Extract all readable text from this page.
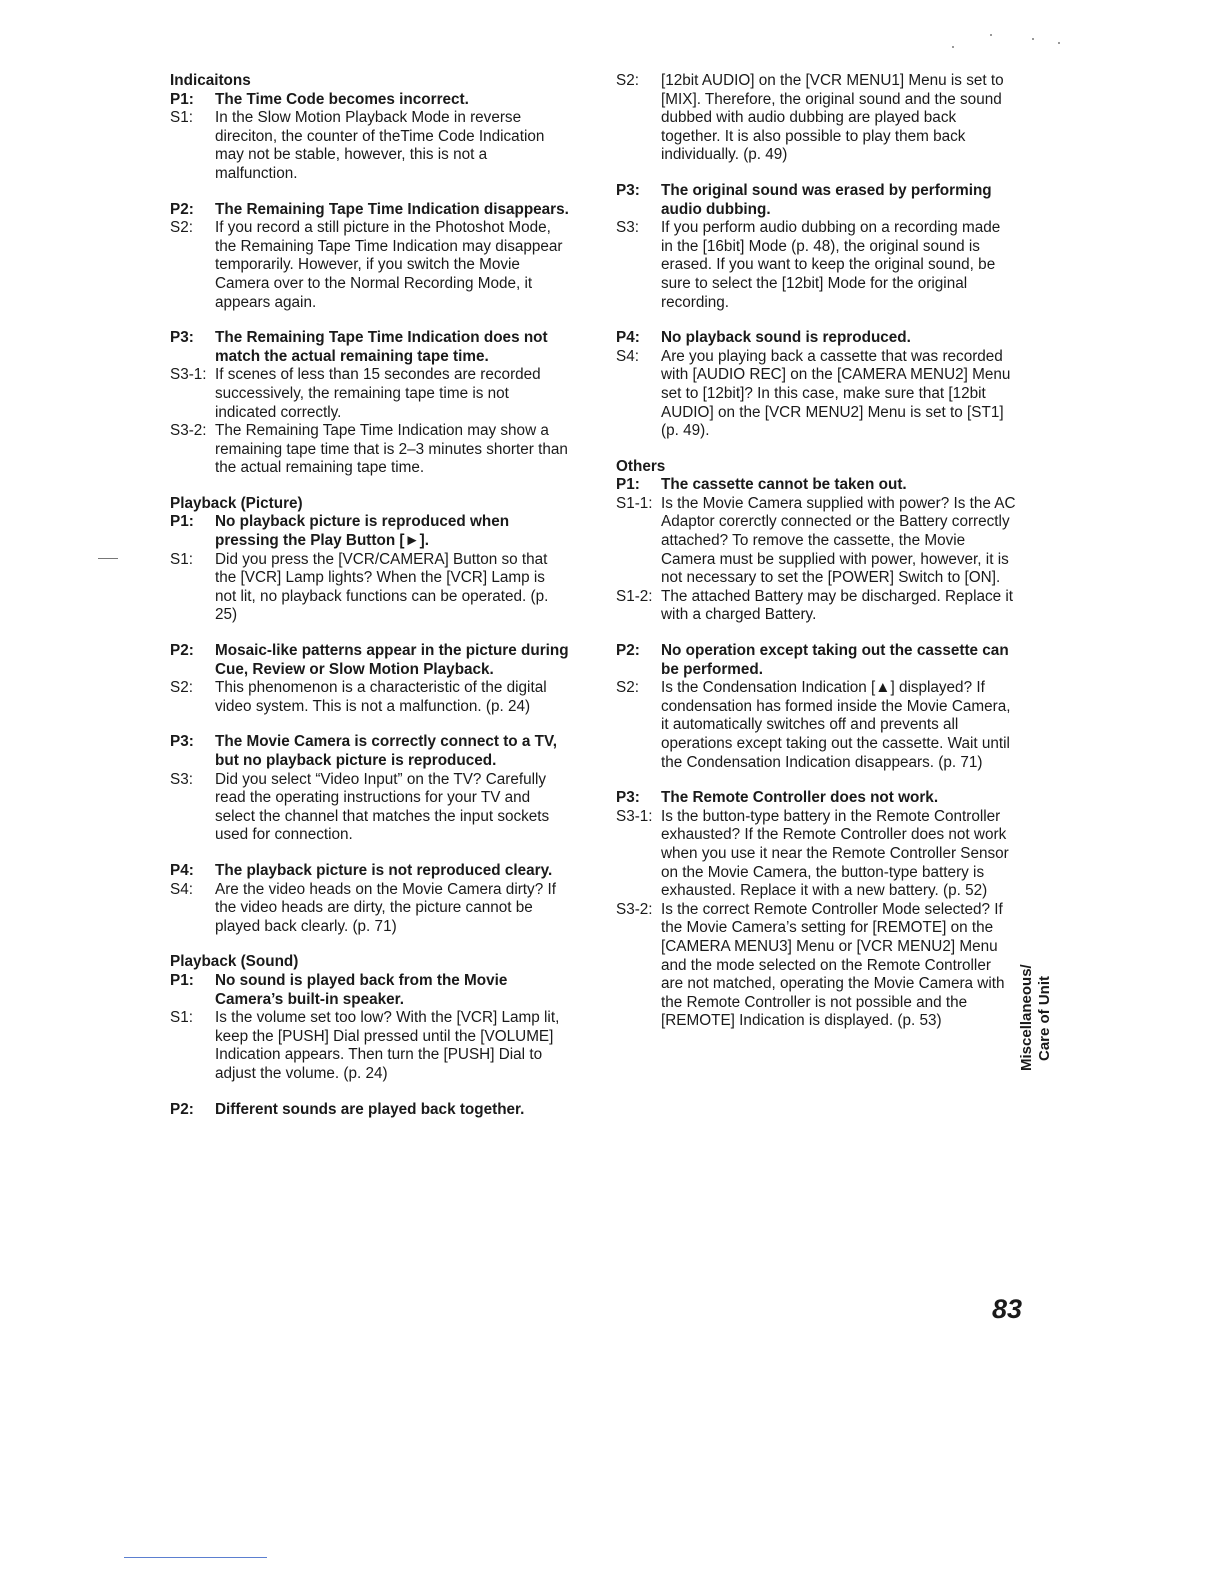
Indicaitons
P1:	The Time Code becomes incorrect.
S1:	In the Slow Motion Playback Mode in reverse direciton, the counter of theTime Code Indication may not be stable, however, this is not a malfunction.
P2:	The Remaining Tape Time Indication disappears.
S2:	If you record a still picture in the Photoshot Mode, the Remaining Tape Time Indication may disappear temporarily. However, if you switch the Movie Camera over to the Normal Recording Mode, it appears again.
P3:	The Remaining Tape Time Indication does not match the actual remaining tape time.
S3-1: If scenes of less than 15 secondes are recorded successively, the remaining tape time is not indicated correctly.
S3-2: The Remaining Tape Time Indication may show a remaining tape time that is 2–3 minutes shorter than the actual remaining tape time.
Playback (Picture)
P1:	No playback picture is reproduced when pressing the Play Button [►].
S1:	Did you press the [VCR/CAMERA] Button so that the [VCR] Lamp lights? When the [VCR] Lamp is not lit, no playback functions can be operated. (p. 25)
P2:	Mosaic-like patterns appear in the picture during Cue, Review or Slow Motion Playback.
S2:	This phenomenon is a characteristic of the digital video system. This is not a malfunction. (p. 24)
P3:	The Movie Camera is correctly connect to a TV, but no playback picture is reproduced.
S3:	Did you select “Video Input” on the TV? Carefully read the operating instructions for your TV and select the channel that matches the input sockets used for connection.
P4:	The playback picture is not reproduced cleary.
S4:	Are the video heads on the Movie Camera dirty? If the video heads are dirty, the picture cannot be played back clearly. (p. 71)
Playback (Sound)
P1:	No sound is played back from the Movie Camera’s built-in speaker.
S1:	Is the volume set too low? With the [VCR] Lamp lit, keep the [PUSH] Dial pressed until the [VOLUME] Indication appears. Then turn the [PUSH] Dial to adjust the volume. (p. 24)
P2:	Different sounds are played back together.
S2:	[12bit AUDIO] on the [VCR MENU1] Menu is set to [MIX]. Therefore, the original sound and the sound dubbed with audio dubbing are played back together. It is also possible to play them back individually. (p. 49)
P3:	The original sound was erased by performing audio dubbing.
S3:	If you perform audio dubbing on a recording made in the [16bit] Mode (p. 48), the original sound is erased. If you want to keep the original sound, be sure to select the [12bit] Mode for the original recording.
P4:	No playback sound is reproduced.
S4:	Are you playing back a cassette that was recorded with [AUDIO REC] on the [CAMERA MENU2] Menu set to [12bit]? In this case, make sure that [12bit AUDIO] on the [VCR MENU2] Menu is set to [ST1] (p. 49).
Others
P1:	The cassette cannot be taken out.
S1-1: Is the Movie Camera supplied with power? Is the AC Adaptor corerctly connected or the Battery correctly attached? To remove the cassette, the Movie Camera must be supplied with power, however, it is not necessary to set the [POWER] Switch to [ON].
S1-2: The attached Battery may be discharged. Replace it with a charged Battery.
P2:	No operation except taking out the cassette can be performed.
S2:	Is the Condensation Indication [▲] displayed? If condensation has formed inside the Movie Camera, it automatically switches off and prevents all operations except taking out the cassette. Wait until the Condensation Indication disappears. (p. 71)
P3:	The Remote Controller does not work.
S3-1: Is the button-type battery in the Remote Controller exhausted? If the Remote Controller does not work when you use it near the Remote Controller Sensor on the Movie Camera, the button-type battery is exhausted. Replace it with a new battery. (p. 52)
S3-2: Is the correct Remote Controller Mode selected? If the Movie Camera’s setting for [REMOTE] on the [CAMERA MENU3] Menu or [VCR MENU2] Menu and the mode selected on the Remote Controller are not matched, operating the Movie Camera with the Remote Controller is not possible and the [REMOTE] Indication is displayed. (p. 53)	Miscellaneous/ Care of Unit
83
